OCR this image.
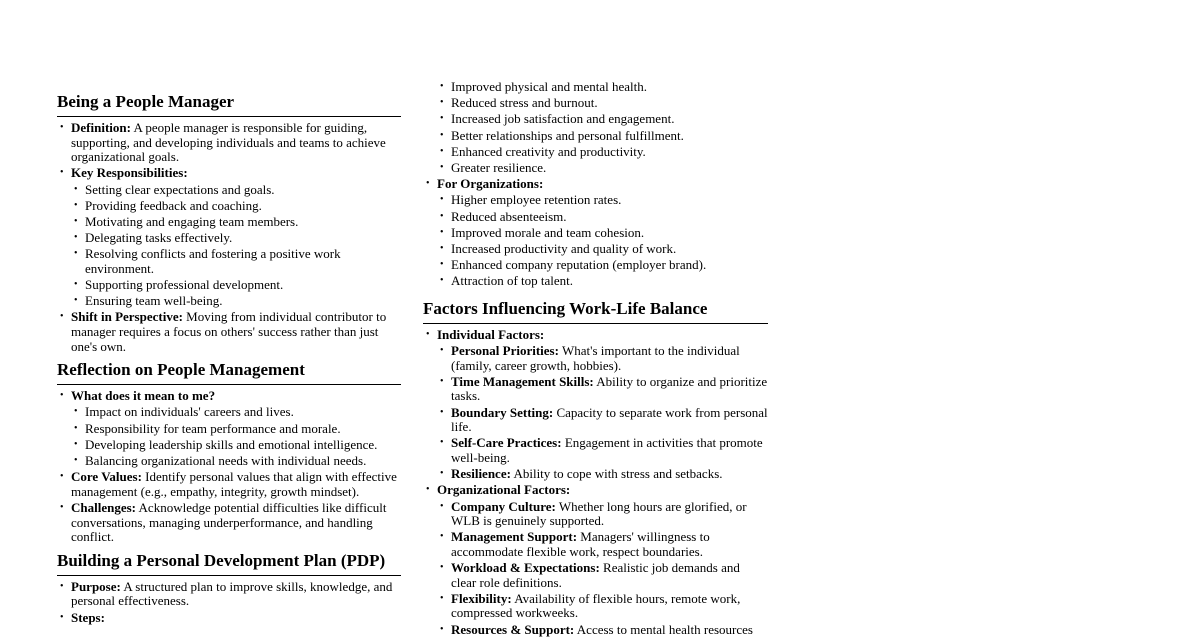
Being a People Manager
• Definition: A people manager is responsible for guiding, supporting, and developing individuals and teams to achieve organizational goals.
• Key Responsibilities:
• Setting clear expectations and goals.
• Providing feedback and coaching.
• Motivating and engaging team members.
• Delegating tasks effectively.
• Resolving conflicts and fostering a positive work environment.
• Supporting professional development.
• Ensuring team well-being.
• Shift in Perspective: Moving from individual contributor to manager requires a focus on others' success rather than just one's own.
Reflection on People Management
• What does it mean to me?
• Impact on individuals' careers and lives.
• Responsibility for team performance and morale.
• Developing leadership skills and emotional intelligence.
• Balancing organizational needs with individual needs.
• Core Values: Identify personal values that align with effective management (e.g., empathy, integrity, growth mindset).
• Challenges: Acknowledge potential difficulties like difficult conversations, managing underperformance, and handling conflict.
Building a Personal Development Plan (PDP)
• Purpose: A structured plan to improve skills, knowledge, and personal effectiveness.
• Steps:
• Improved physical and mental health.
• Reduced stress and burnout.
• Increased job satisfaction and engagement.
• Better relationships and personal fulfillment.
• Enhanced creativity and productivity.
• Greater resilience.
• For Organizations:
• Higher employee retention rates.
• Reduced absenteeism.
• Improved morale and team cohesion.
• Increased productivity and quality of work.
• Enhanced company reputation (employer brand).
• Attraction of top talent.
Factors Influencing Work-Life Balance
• Individual Factors:
• Personal Priorities: What's important to the individual (family, career growth, hobbies).
• Time Management Skills: Ability to organize and prioritize tasks.
• Boundary Setting: Capacity to separate work from personal life.
• Self-Care Practices: Engagement in activities that promote well-being.
• Resilience: Ability to cope with stress and setbacks.
• Organizational Factors:
• Company Culture: Whether long hours are glorified, or WLB is genuinely supported.
• Management Support: Managers' willingness to accommodate flexible work, respect boundaries.
• Workload & Expectations: Realistic job demands and clear role definitions.
• Flexibility: Availability of flexible hours, remote work, compressed workweeks.
• Resources & Support: Access to mental health resources
